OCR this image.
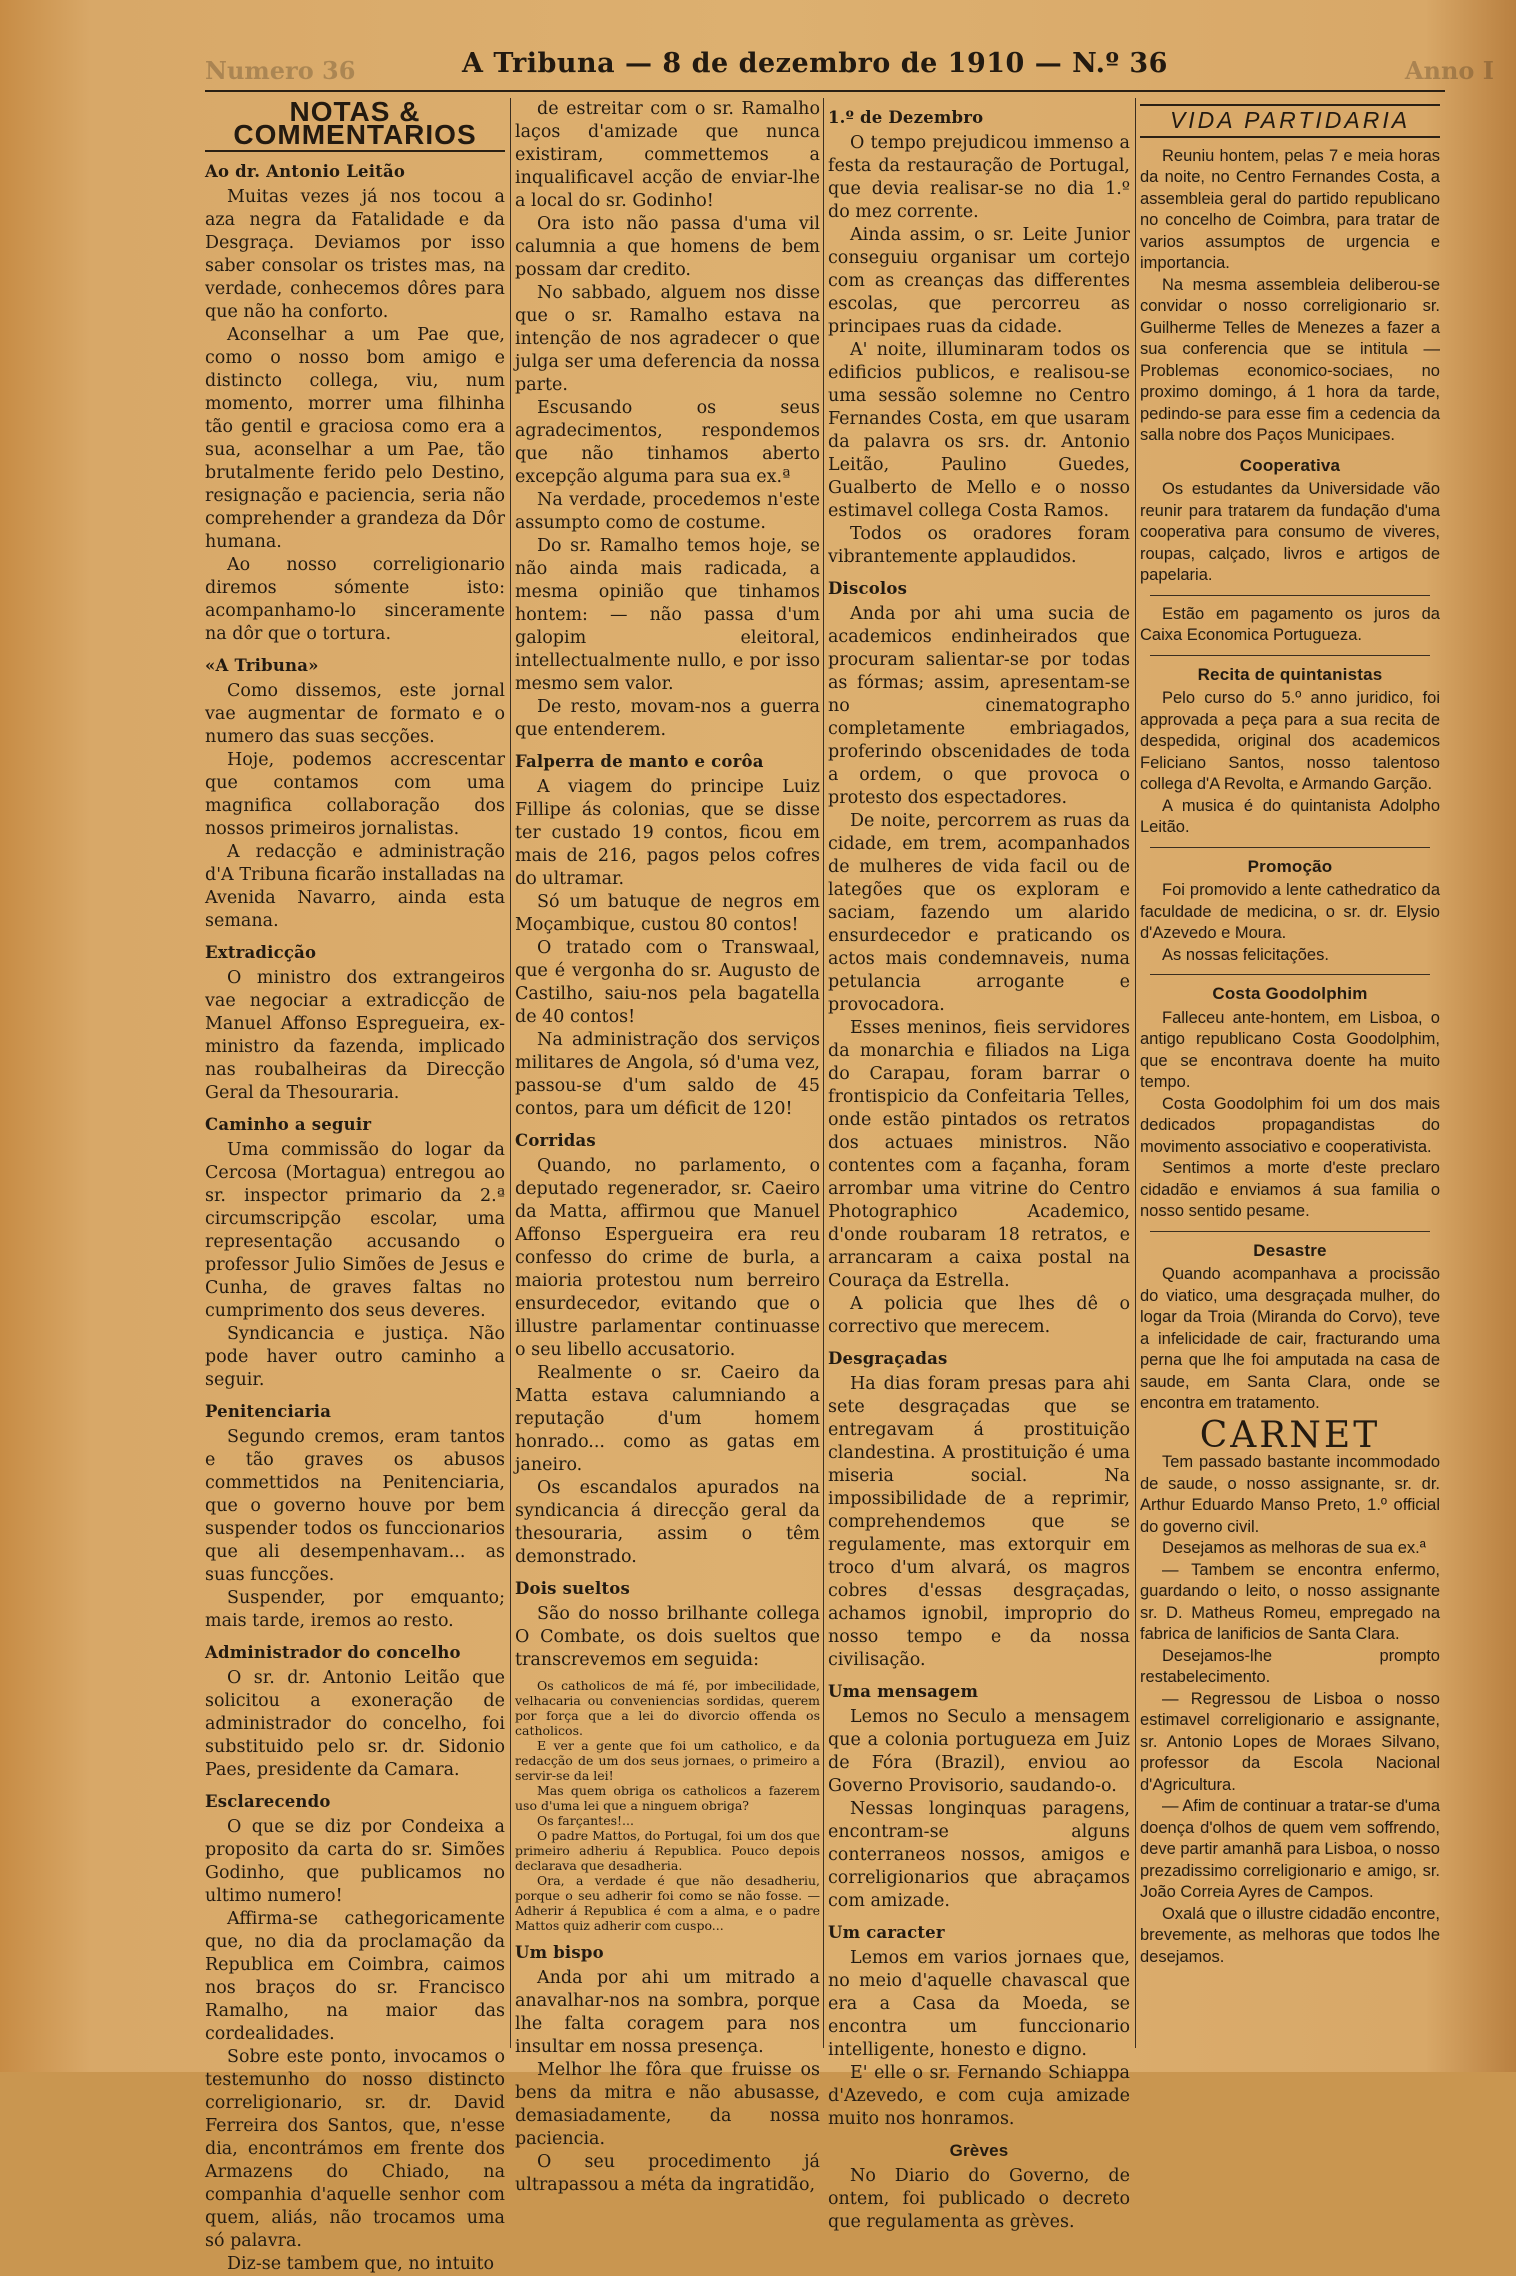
Numero 36	A Tribuna — 8 de dezembro de 1910 — N.º 36	Anno I
NOTAS & COMMENTARIOS
Ao dr. Antonio Leitão

Muitas vezes já nos tocou a aza negra da Fatalidade e da Desgraça. Deviamos por isso saber consolar os tristes mas, na verdade, conhecemos dôres para que não ha conforto.

Aconselhar a um Pae que, como o nosso bom amigo e distincto collega, viu, num momento, morrer uma filhinha tão gentil e graciosa como era a sua, aconselhar a um Pae, tão brutalmente ferido pelo Destino, resignação e paciencia, seria não comprehender a grandeza da Dôr humana.

Ao nosso correligionario diremos sómente isto: acompanhamo-lo sinceramente na dôr que o tortura.

«A Tribuna»

Como dissemos, este jornal vae augmentar de formato e o numero das suas secções.

Hoje, podemos accrescentar que contamos com uma magnifica collaboração dos nossos primeiros jornalistas.

A redacção e administração d'A Tribuna ficarão installadas na Avenida Navarro, ainda esta semana.

Extradicção

O ministro dos extrangeiros vae negociar a extradicção de Manuel Affonso Espregueira, ex-ministro da fazenda, implicado nas roubalheiras da Direcção Geral da Thesouraria.

Caminho a seguir

Uma commissão do logar da Cercosa (Mortagua) entregou ao sr. inspector primario da 2.ª circumscripção escolar, uma representação accusando o professor Julio Simões de Jesus e Cunha, de graves faltas no cumprimento dos seus deveres.

Syndicancia e justiça. Não pode haver outro caminho a seguir.

Penitenciaria

Segundo cremos, eram tantos e tão graves os abusos commettidos na Penitenciaria, que o governo houve por bem suspender todos os funccionarios que ali desempenhavam... as suas funcções.

Suspender, por emquanto; mais tarde, iremos ao resto.

Administrador do concelho

O sr. dr. Antonio Leitão que solicitou a exoneração de administrador do concelho, foi substituido pelo sr. dr. Sidonio Paes, presidente da Camara.

Esclarecendo

O que se diz por Condeixa a proposito da carta do sr. Simões Godinho, que publicamos no ultimo numero!

Affirma-se cathegoricamente que, no dia da proclamação da Republica em Coimbra, caimos nos braços do sr. Francisco Ramalho, na maior das cordealidades.

Sobre este ponto, invocamos o testemunho do nosso distincto correligionario, sr. dr. David Ferreira dos Santos, que, n'esse dia, encontrámos em frente dos Armazens do Chiado, na companhia d'aquelle senhor com quem, aliás, não trocamos uma só palavra.

Diz-se tambem que, no intuito

de estreitar com o sr. Ramalho laços d'amizade que nunca existiram, commettemos a inqualificavel acção de enviar-lhe a local do sr. Godinho!

Ora isto não passa d'uma vil calumnia a que homens de bem possam dar credito.

No sabbado, alguem nos disse que o sr. Ramalho estava na intenção de nos agradecer o que julga ser uma deferencia da nossa parte.

Escusando os seus agradecimentos, respondemos que não tinhamos aberto excepção alguma para sua ex.ª

Na verdade, procedemos n'este assumpto como de costume.

Do sr. Ramalho temos hoje, se não ainda mais radicada, a mesma opinião que tinhamos hontem: — não passa d'um galopim eleitoral, intellectualmente nullo, e por isso mesmo sem valor.

De resto, movam-nos a guerra que entenderem.

Falperra de manto e corôa

A viagem do principe Luiz Fillipe ás colonias, que se disse ter custado 19 contos, ficou em mais de 216, pagos pelos cofres do ultramar.

Só um batuque de negros em Moçambique, custou 80 contos!

O tratado com o Transwaal, que é vergonha do sr. Augusto de Castilho, saiu-nos pela bagatella de 40 contos!

Na administração dos serviços militares de Angola, só d'uma vez, passou-se d'um saldo de 45 contos, para um déficit de 120!

Corridas

Quando, no parlamento, o deputado regenerador, sr. Caeiro da Matta, affirmou que Manuel Affonso Espergueira era reu confesso do crime de burla, a maioria protestou num berreiro ensurdecedor, evitando que o illustre parlamentar continuasse o seu libello accusatorio.

Realmente o sr. Caeiro da Matta estava calumniando a reputação d'um homem honrado... como as gatas em janeiro.

Os escandalos apurados na syndicancia á direcção geral da thesouraria, assim o têm demonstrado.

Dois sueltos

São do nosso brilhante collega O Combate, os dois sueltos que transcrevemos em seguida:

Os catholicos de má fé, por imbecilidade, velhacaria ou conveniencias sordidas, querem por força que a lei do divorcio offenda os catholicos.

E ver a gente que foi um catholico, e da redacção de um dos seus jornaes, o primeiro a servir-se da lei!

Mas quem obriga os catholicos a fazerem uso d'uma lei que a ninguem obriga?

Os farçantes!...

O padre Mattos, do Portugal, foi um dos que primeiro adheriu á Republica. Pouco depois declarava que desadheria.

Ora, a verdade é que não desadheriu, porque o seu adherir foi como se não fosse. — Adherir á Republica é com a alma, e o padre Mattos quiz adherir com cuspo...

Um bispo

Anda por ahi um mitrado a anavalhar-nos na sombra, porque lhe falta coragem para nos insultar em nossa presença.

Melhor lhe fôra que fruisse os bens da mitra e não abusasse, demasiadamente, da nossa paciencia.

O seu procedimento já ultrapassou a méta da ingratidão,

1.º de Dezembro

O tempo prejudicou immenso a festa da restauração de Portugal, que devia realisar-se no dia 1.º do mez corrente.

Ainda assim, o sr. Leite Junior conseguiu organisar um cortejo com as creanças das differentes escolas, que percorreu as principaes ruas da cidade.

A' noite, illuminaram todos os edificios publicos, e realisou-se uma sessão solemne no Centro Fernandes Costa, em que usaram da palavra os srs. dr. Antonio Leitão, Paulino Guedes, Gualberto de Mello e o nosso estimavel collega Costa Ramos.

Todos os oradores foram vibrantemente applaudidos.

Discolos

Anda por ahi uma sucia de academicos endinheirados que procuram salientar-se por todas as fórmas; assim, apresentam-se no cinematographo completamente embriagados, proferindo obscenidades de toda a ordem, o que provoca o protesto dos espectadores.

De noite, percorrem as ruas da cidade, em trem, acompanhados de mulheres de vida facil ou de lategões que os exploram e saciam, fazendo um alarido ensurdecedor e praticando os actos mais condemnaveis, numa petulancia arrogante e provocadora.

Esses meninos, fieis servidores da monarchia e filiados na Liga do Carapau, foram barrar o frontispicio da Confeitaria Telles, onde estão pintados os retratos dos actuaes ministros. Não contentes com a façanha, foram arrombar uma vitrine do Centro Photographico Academico, d'onde roubaram 18 retratos, e arrancaram a caixa postal na Couraça da Estrella.

A policia que lhes dê o correctivo que merecem.

Desgraçadas

Ha dias foram presas para ahi sete desgraçadas que se entregavam á prostituição clandestina. A prostituição é uma miseria social. Na impossibilidade de a reprimir, comprehendemos que se regulamente, mas extorquir em troco d'um alvará, os magros cobres d'essas desgraçadas, achamos ignobil, improprio do nosso tempo e da nossa civilisação.

Uma mensagem

Lemos no Seculo a mensagem que a colonia portugueza em Juiz de Fóra (Brazil), enviou ao Governo Provisorio, saudando-o.

Nessas longinquas paragens, encontram-se alguns conterraneos nossos, amigos e correligionarios que abraçamos com amizade.

Um caracter

Lemos em varios jornaes que, no meio d'aquelle chavascal que era a Casa da Moeda, se encontra um funccionario intelligente, honesto e digno.

E' elle o sr. Fernando Schiappa d'Azevedo, e com cuja amizade muito nos honramos.

Grèves

No Diario do Governo, de ontem, foi publicado o decreto que regulamenta as grèves.

VIDA PARTIDARIA

Reuniu hontem, pelas 7 e meia horas da noite, no Centro Fernandes Costa, a assembleia geral do partido republicano no concelho de Coimbra, para tratar de varios assumptos de urgencia e importancia.

Na mesma assembleia deliberou-se convidar o nosso correligionario sr. Guilherme Telles de Menezes a fazer a sua conferencia que se intitula — Problemas economico-sociaes, no proximo domingo, á 1 hora da tarde, pedindo-se para esse fim a cedencia da salla nobre dos Paços Municipaes.

Cooperativa

Os estudantes da Universidade vão reunir para tratarem da fundação d'uma cooperativa para consumo de viveres, roupas, calçado, livros e artigos de papelaria.

Estão em pagamento os juros da Caixa Economica Portugueza.

Recita de quintanistas

Pelo curso do 5.º anno juridico, foi approvada a peça para a sua recita de despedida, original dos academicos Feliciano Santos, nosso talentoso collega d'A Revolta, e Armando Garção.

A musica é do quintanista Adolpho Leitão.

Promoção

Foi promovido a lente cathedratico da faculdade de medicina, o sr. dr. Elysio d'Azevedo e Moura.

As nossas felicitações.

Costa Goodolphim

Falleceu ante-hontem, em Lisboa, o antigo republicano Costa Goodolphim, que se encontrava doente ha muito tempo.

Costa Goodolphim foi um dos mais dedicados propagandistas do movimento associativo e cooperativista.

Sentimos a morte d'este preclaro cidadão e enviamos á sua familia o nosso sentido pesame.

Desastre

Quando acompanhava a procissão do viatico, uma desgraçada mulher, do logar da Troia (Miranda do Corvo), teve a infelicidade de cair, fracturando uma perna que lhe foi amputada na casa de saude, em Santa Clara, onde se encontra em tratamento.

CARNET

Tem passado bastante incommodado de saude, o nosso assignante, sr. dr. Arthur Eduardo Manso Preto, 1.º official do governo civil.

Desejamos as melhoras de sua ex.ª

— Tambem se encontra enfermo, guardando o leito, o nosso assignante sr. D. Matheus Romeu, empregado na fabrica de lanificios de Santa Clara.

Desejamos-lhe prompto restabelecimento.

— Regressou de Lisboa o nosso estimavel correligionario e assignante, sr. Antonio Lopes de Moraes Silvano, professor da Escola Nacional d'Agricultura.

— Afim de continuar a tratar-se d'uma doença d'olhos de quem vem soffrendo, deve partir amanhã para Lisboa, o nosso prezadissimo correligionario e amigo, sr. João Correia Ayres de Campos.

Oxalá que o illustre cidadão encontre, brevemente, as melhoras que todos lhe desejamos.
